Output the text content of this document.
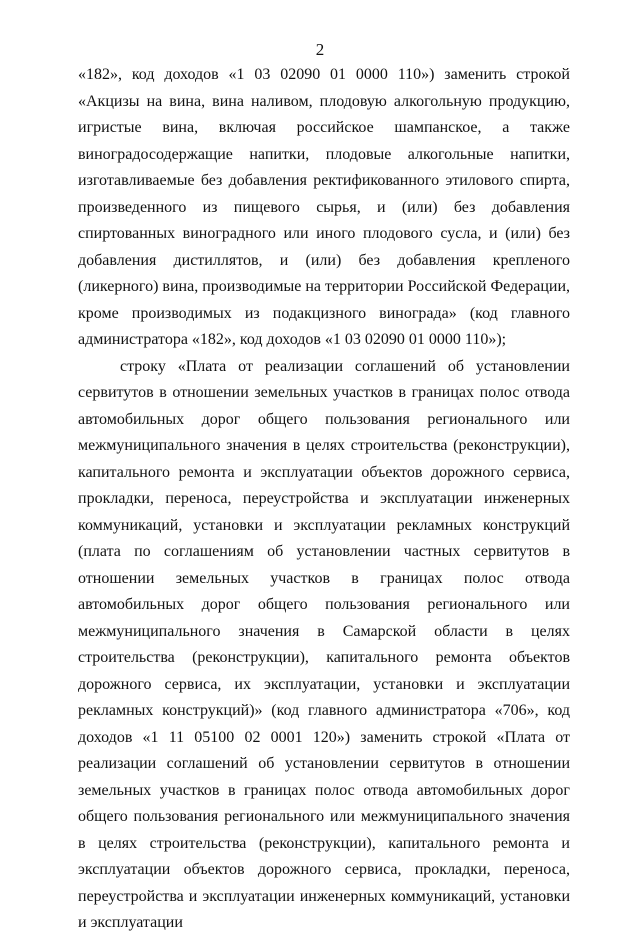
2

«182», код доходов «1 03 02090 01 0000 110») заменить строкой «Акцизы на вина, вина наливом, плодовую алкогольную продукцию, игристые вина, включая российское шампанское, а также виноградосодержащие напитки, плодовые алкогольные напитки, изготавливаемые без добавления ректификованного этилового спирта, произведенного из пищевого сырья, и (или) без добавления спиртованных виноградного или иного плодового сусла, и (или) без добавления дистиллятов, и (или) без добавления крепленого (ликерного) вина, производимые на территории Российской Федерации, кроме производимых из подакцизного винограда» (код главного администратора «182», код доходов «1 03 02090 01 0000 110»);

строку «Плата от реализации соглашений об установлении сервитутов в отношении земельных участков в границах полос отвода автомобильных дорог общего пользования регионального или межмуниципального значения в целях строительства (реконструкции), капитального ремонта и эксплуатации объектов дорожного сервиса, прокладки, переноса, переустройства и эксплуатации инженерных коммуникаций, установки и эксплуатации рекламных конструкций (плата по соглашениям об установлении частных сервитутов в отношении земельных участков в границах полос отвода автомобильных дорог общего пользования регионального или межмуниципального значения в Самарской области в целях строительства (реконструкции), капитального ремонта объектов дорожного сервиса, их эксплуатации, установки и эксплуатации рекламных конструкций)» (код главного администратора «706», код доходов «1 11 05100 02 0001 120») заменить строкой «Плата от реализации соглашений об установлении сервитутов в отношении земельных участков в границах полос отвода автомобильных дорог общего пользования регионального или межмуниципального значения в целях строительства (реконструкции), капитального ремонта и эксплуатации объектов дорожного сервиса, прокладки, переноса, переустройства и эксплуатации инженерных коммуникаций, установки и эксплуатации
